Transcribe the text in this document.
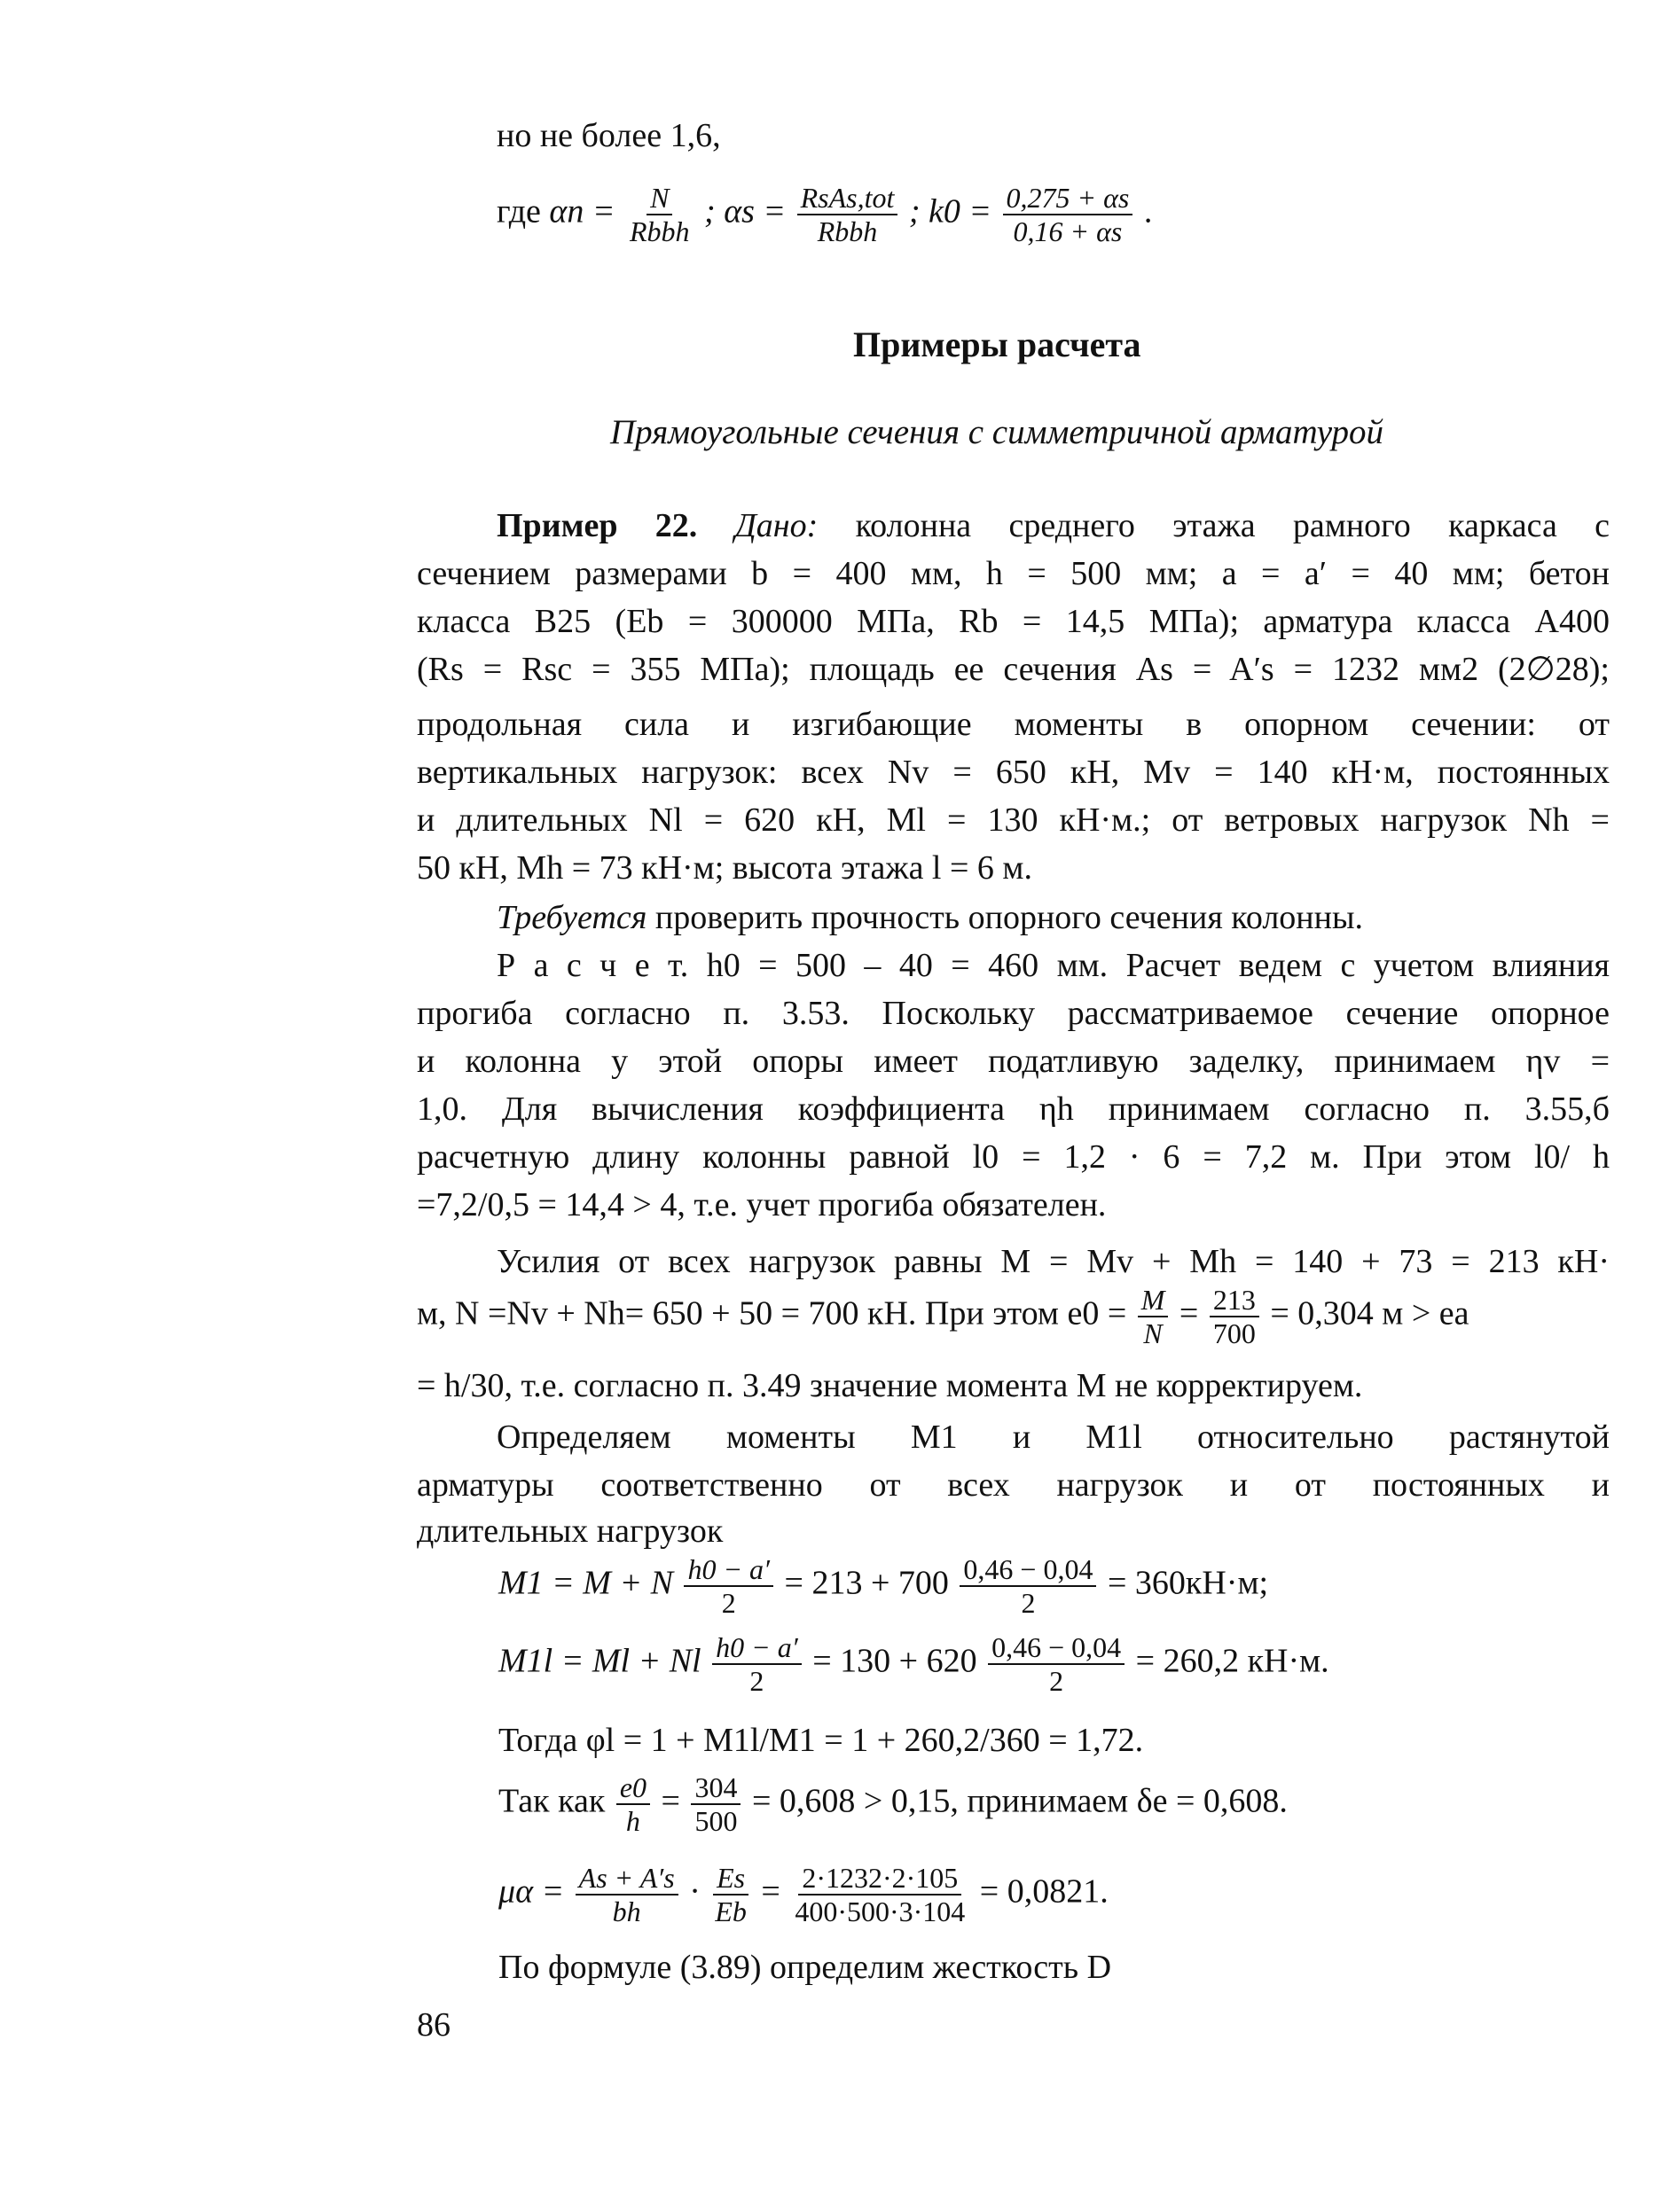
но не более 1,6,
где $\alpha n = \frac{N}{\text{Rbbh}}$ ; $\alpha s = \frac{\text{RsAs,tot}}{\text{Rbbh}}$ ; $k0 = \frac{0,275 + \alpha s}{0,16 + \alpha s}$ .
Примеры расчета
Прямоугольные сечения с симметричной арматурой
Пример 22. Дано: колонна среднего этажа рамного каркаса с
сечением размерами b = 400 мм, h = 500 мм; a = a′ = 40 мм; бетон
класса B25 (Eb = 300000 МПа, Rb = 14,5 МПа); арматура класса А400
(Rs = Rsc = 355 МПа); площадь ее сечения As = A′s = 1232 мм2 (2∅28);
продольная сила и изгибающие моменты в опорном сечении: от
вертикальных нагрузок: всех Nv = 650 кН, Mv = 140 кН·м, постоянных
и длительных Nl = 620 кН, Ml = 130 кН·м.; от ветровых нагрузок Nh =
50 кН, Mh = 73 кН·м; высота этажа l = 6 м.
Требуется проверить прочность опорного сечения колонны.
Р а с ч е т. h0 = 500 – 40 = 460 мм. Расчет ведем с учетом влияния
прогиба согласно п. 3.53. Поскольку рассматриваемое сечение опорное
и колонна у этой опоры имеет податливую заделку, принимаем ηv =
1,0. Для вычисления коэффициента ηh принимаем согласно п. 3.55,б
расчетную длину колонны равной l0 = 1,2 · 6 = 7,2 м. При этом l0/ h
=7,2/0,5 = 14,4 > 4, т.е. учет прогиба обязателен.
Усилия от всех нагрузок равны M = Mv + Mh = 140 + 73 = 213 кН·
м, N =Nv + Nh= 650 + 50 = 700 кН. При этом $e0 = \frac{M}{N} = \frac{213}{700} = 0,304$ м > ea
= h/30, т.е. согласно п. 3.49 значение момента M не корректируем.
Определяем моменты M1 и M1l относительно растянутой
арматуры соответственно от всех нагрузок и от постоянных и
длительных нагрузок
M1 = M + N $\frac{h0 - a'}{2} = 213 + 700 \frac{0,46 - 0,04}{2} = 360кН\cdot м$;
M1l = Ml + Nl $\frac{h0 - a'}{2} = 130 + 620 \frac{0,46 - 0,04}{2} = 260,2$ кН·м.
Тогда φl = 1 + M1l/M1 = 1 + 260,2/360 = 1,72.
Так как $\frac{e0}{h} = \frac{304}{500} = 0,608 > 0,15$, принимаем δe = 0,608.
$\mu\alpha = \frac{As + A's}{bh} \cdot \frac{Es}{Eb} = \frac{2\cdot 1232\cdot 2\cdot 105}{400\cdot 500\cdot 3\cdot 104} = 0,0821$.
По формуле (3.89) определим жесткость D
86
